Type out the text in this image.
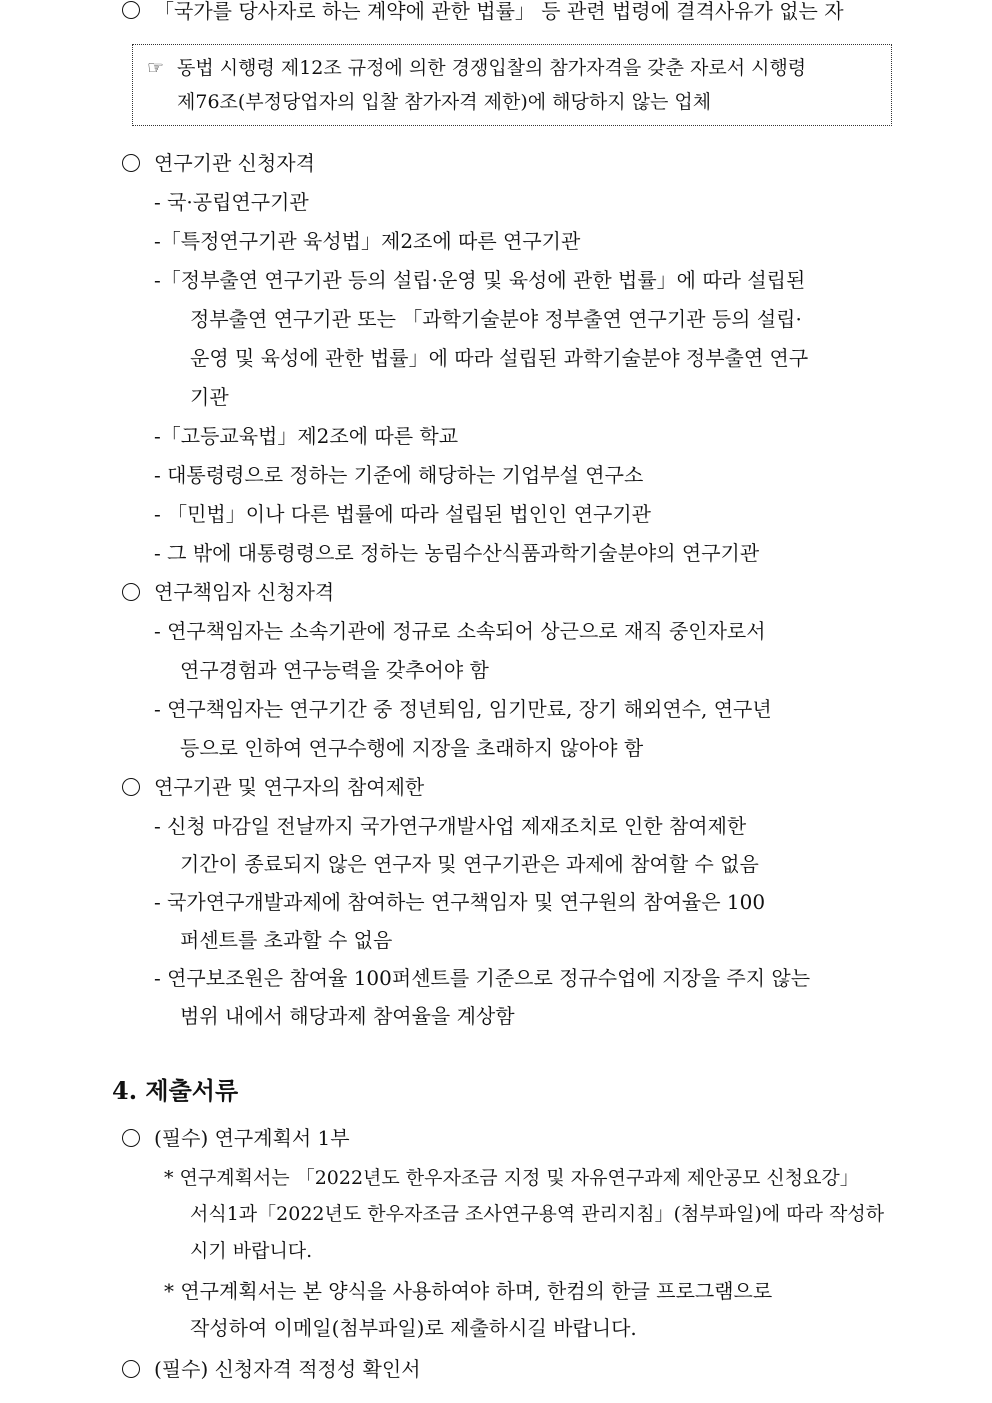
「국가를 당사자로 하는 계약에 관한 법률」 등 관련 법령에 결격사유가 없는 자
☞ 동법 시행령 제12조 규정에 의한 경쟁입찰의 참가자격을 갖춘 자로서 시행령
제76조(부정당업자의 입찰 참가자격 제한)에 해당하지 않는 업체
연구기관 신청자격
- 국·공립연구기관
-「특정연구기관 육성법」제2조에 따른 연구기관
-「정부출연 연구기관 등의 설립·운영 및 육성에 관한 법률」에 따라 설립된
정부출연 연구기관 또는 「과학기술분야 정부출연 연구기관 등의 설립·
운영 및 육성에 관한 법률」에 따라 설립된 과학기술분야 정부출연 연구
기관
-「고등교육법」제2조에 따른 학교
- 대통령령으로 정하는 기준에 해당하는 기업부설 연구소
- 「민법」이나 다른 법률에 따라 설립된 법인인 연구기관
- 그 밖에 대통령령으로 정하는 농림수산식품과학기술분야의 연구기관
연구책임자 신청자격
- 연구책임자는 소속기관에 정규로 소속되어 상근으로 재직 중인자로서
연구경험과 연구능력을 갖추어야 함
- 연구책임자는 연구기간 중 정년퇴임, 임기만료, 장기 해외연수, 연구년
등으로 인하여 연구수행에 지장을 초래하지 않아야 함
연구기관 및 연구자의 참여제한
- 신청 마감일 전날까지 국가연구개발사업 제재조치로 인한 참여제한
기간이 종료되지 않은 연구자 및 연구기관은 과제에 참여할 수 없음
- 국가연구개발과제에 참여하는 연구책임자 및 연구원의 참여율은 100
퍼센트를 초과할 수 없음
- 연구보조원은 참여율 100퍼센트를 기준으로 정규수업에 지장을 주지 않는
범위 내에서 해당과제 참여율을 계상함
4. 제출서류
(필수) 연구계획서 1부
* 연구계획서는 「2022년도 한우자조금 지정 및 자유연구과제 제안공모 신청요강」
서식1과「2022년도 한우자조금 조사연구용역 관리지침」(첨부파일)에 따라 작성하
시기 바랍니다.
* 연구계획서는 본 양식을 사용하여야 하며, 한컴의 한글 프로그램으로
작성하여 이메일(첨부파일)로 제출하시길 바랍니다.
(필수) 신청자격 적정성 확인서
